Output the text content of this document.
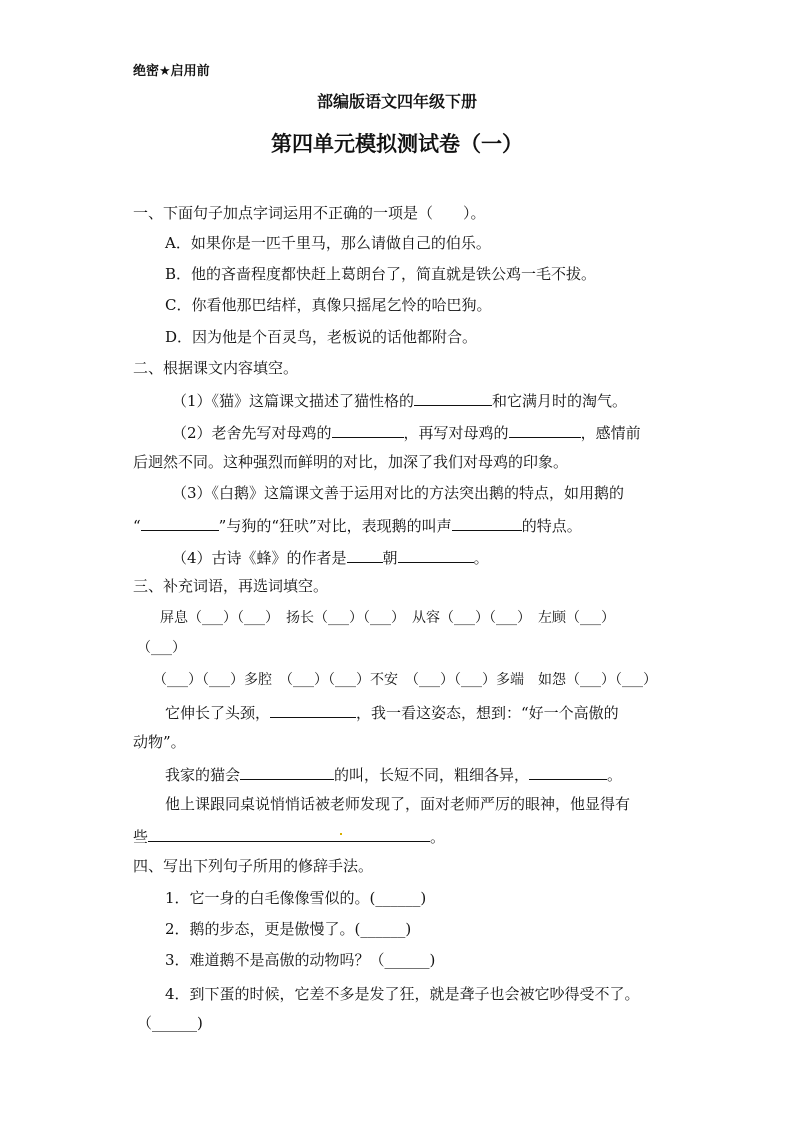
绝密★启用前
部编版语文四年级下册
第四单元模拟测试卷（一）
一、下面句子加点字词运用不正确的一项是（　　）。
A．如果你是一匹千里马，那么请做自己的伯乐。
B．他的吝啬程度都快赶上葛朗台了，简直就是铁公鸡一毛不拔。
C．你看他那巴结样，真像只摇尾乞怜的哈巴狗。
D．因为他是个百灵鸟，老板说的话他都附合。
二、根据课文内容填空。
（1）《猫》这篇课文描述了猫性格的	和它满月时的淘气。
（2）老舍先写对母鸡的	，再写对母鸡的	，感情前
后迥然不同。这种强烈而鲜明的对比，加深了我们对母鸡的印象。
（3）《白鹅》这篇课文善于运用对比的方法突出鹅的特点，如用鹅的
“	”与狗的“狂吠”对比，表现鹅的叫声	的特点。
（4）古诗《蜂》的作者是 朝	。
三、补充词语，再选词填空。
屏息（___）（___）　扬长（___）（___）　从容（___）（___）　左顾（___）
（___）
（___）（___）多腔　（___）（___）不安　（___）（___）多端　如怨（___）（___）
它伸长了头颈，	，我一看这姿态，想到：“好一个高傲的
动物”。
我家的猫会	的叫，长短不同，粗细各异，	。
他上课跟同桌说悄悄话被老师发现了，面对老师严厉的眼神，他显得有
些	。
四、写出下列句子所用的修辞手法。
1．它一身的白毛像像雪似的。(______)
2．鹅的步态，更是傲慢了。(______)
3．难道鹅不是高傲的动物吗？（______)
4．到下蛋的时候，它差不多是发了狂，就是聋子也会被它吵得受不了。
（______)
